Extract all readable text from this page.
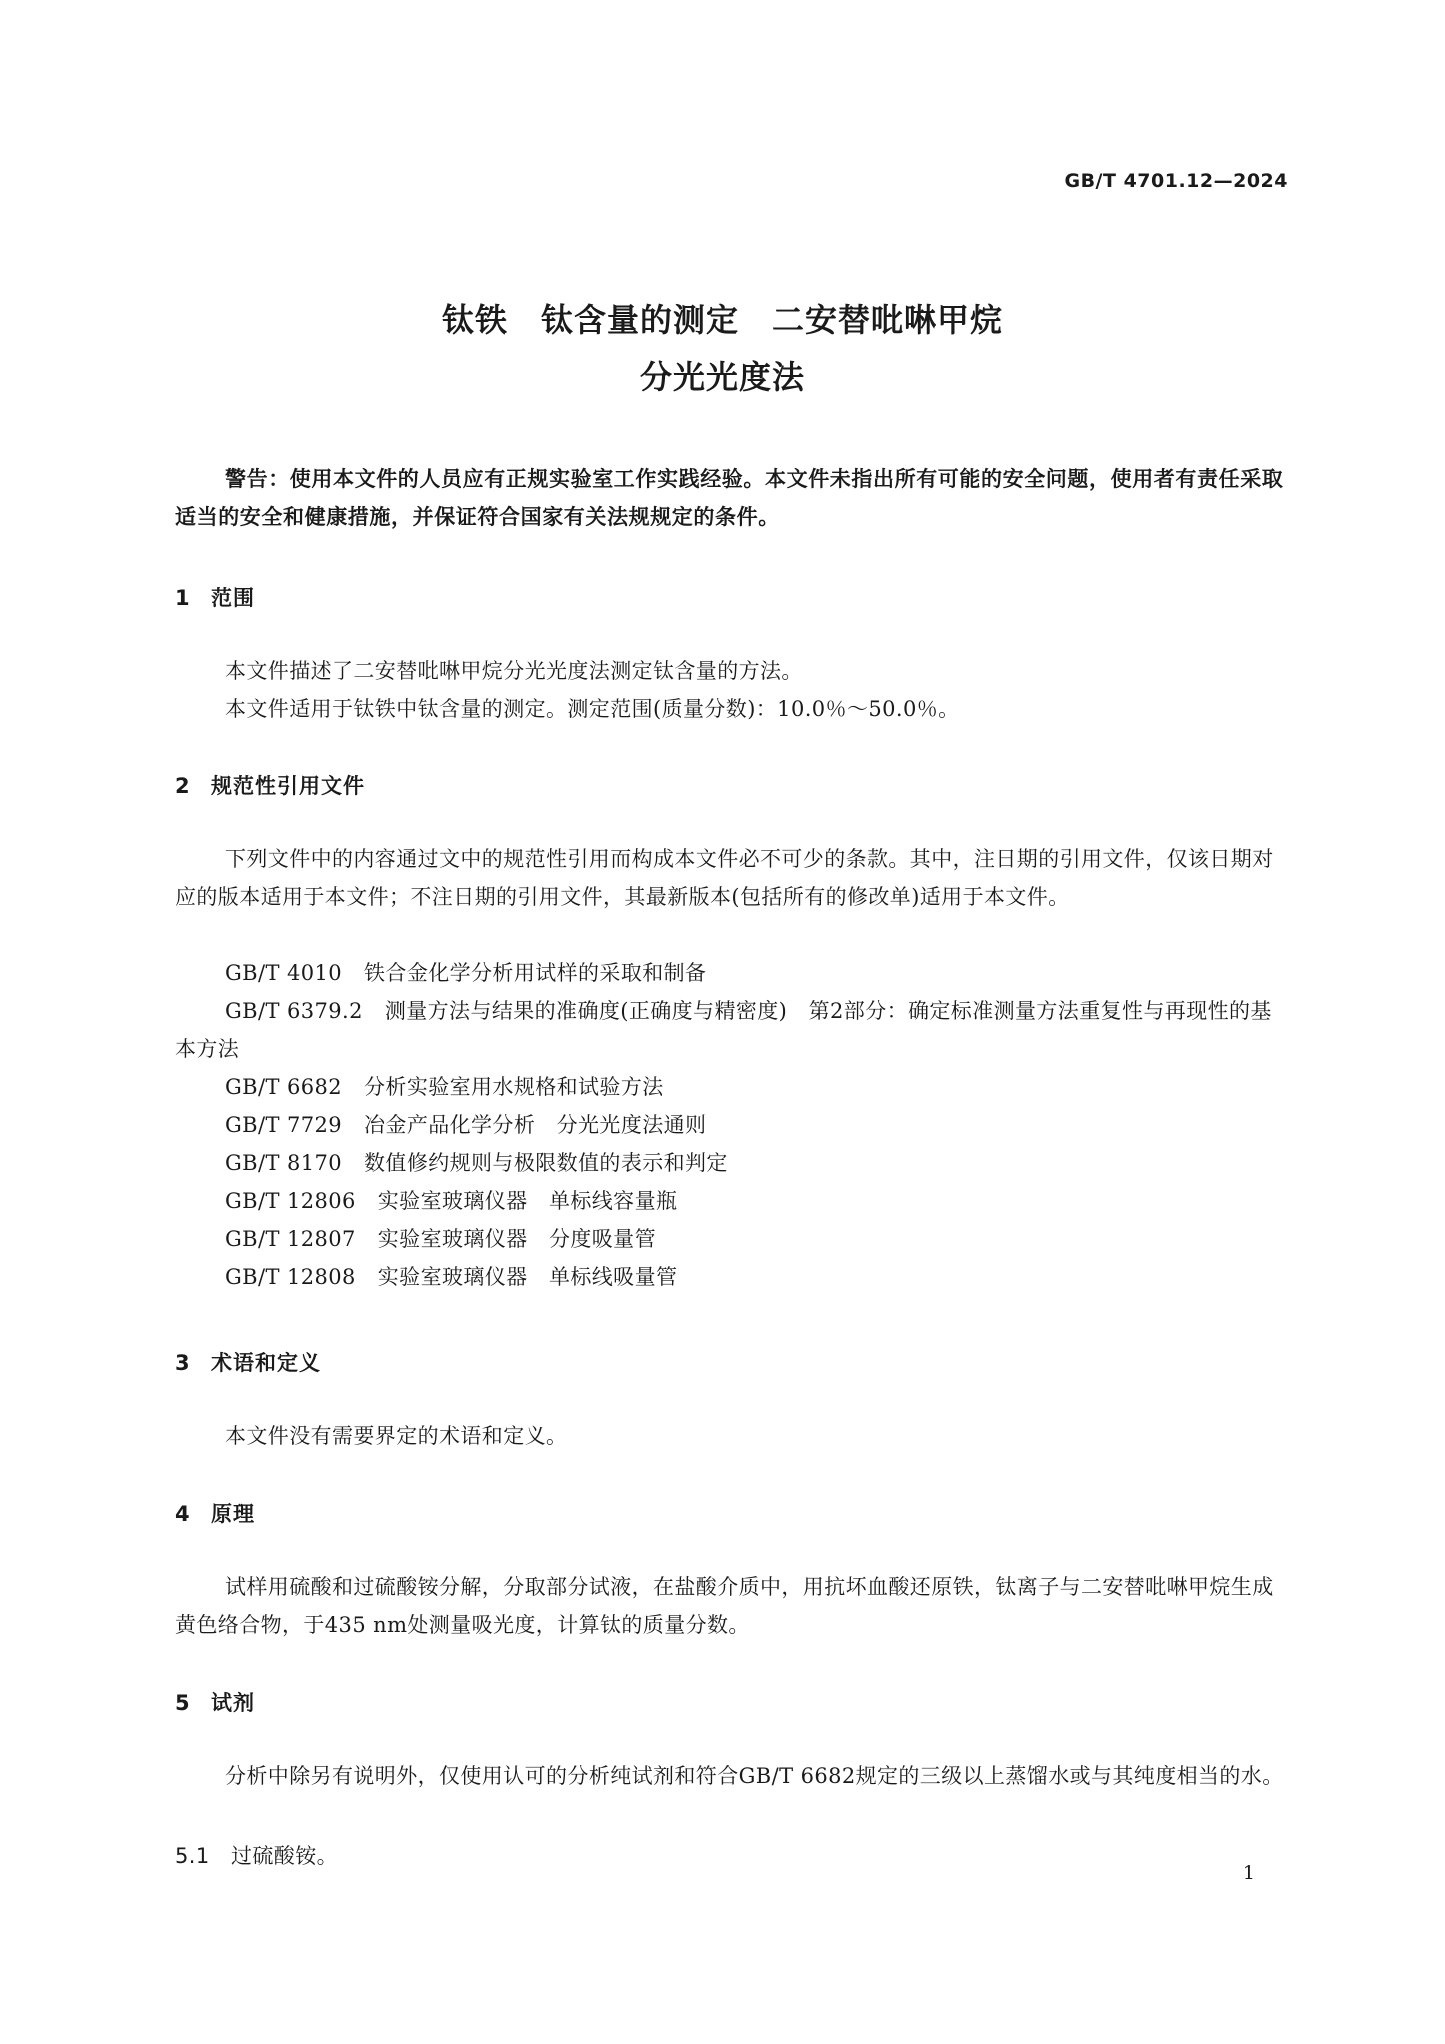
GB/T 4701.12—2024
钛铁　钛含量的测定　二安替吡啉甲烷
分光光度法
警告：使用本文件的人员应有正规实验室工作实践经验。本文件未指出所有可能的安全问题，使用者有责任采取适当的安全和健康措施，并保证符合国家有关法规规定的条件。
1 范围
本文件描述了二安替吡啉甲烷分光光度法测定钛含量的方法。
本文件适用于钛铁中钛含量的测定。测定范围(质量分数)：10.0％～50.0％。
2 规范性引用文件
下列文件中的内容通过文中的规范性引用而构成本文件必不可少的条款。其中，注日期的引用文件，仅该日期对应的版本适用于本文件；不注日期的引用文件，其最新版本(包括所有的修改单)适用于本文件。
GB/T 4010 铁合金化学分析用试样的采取和制备
GB/T 6379.2 测量方法与结果的准确度(正确度与精密度)　第2部分：确定标准测量方法重复性与再现性的基本方法
GB/T 6682 分析实验室用水规格和试验方法
GB/T 7729 冶金产品化学分析　分光光度法通则
GB/T 8170 数值修约规则与极限数值的表示和判定
GB/T 12806 实验室玻璃仪器　单标线容量瓶
GB/T 12807 实验室玻璃仪器　分度吸量管
GB/T 12808 实验室玻璃仪器　单标线吸量管
3 术语和定义
本文件没有需要界定的术语和定义。
4 原理
试样用硫酸和过硫酸铵分解，分取部分试液，在盐酸介质中，用抗坏血酸还原铁，钛离子与二安替吡啉甲烷生成黄色络合物，于435 nm处测量吸光度，计算钛的质量分数。
5 试剂
分析中除另有说明外，仅使用认可的分析纯试剂和符合GB/T 6682规定的三级以上蒸馏水或与其纯度相当的水。
5.1 过硫酸铵。
1
